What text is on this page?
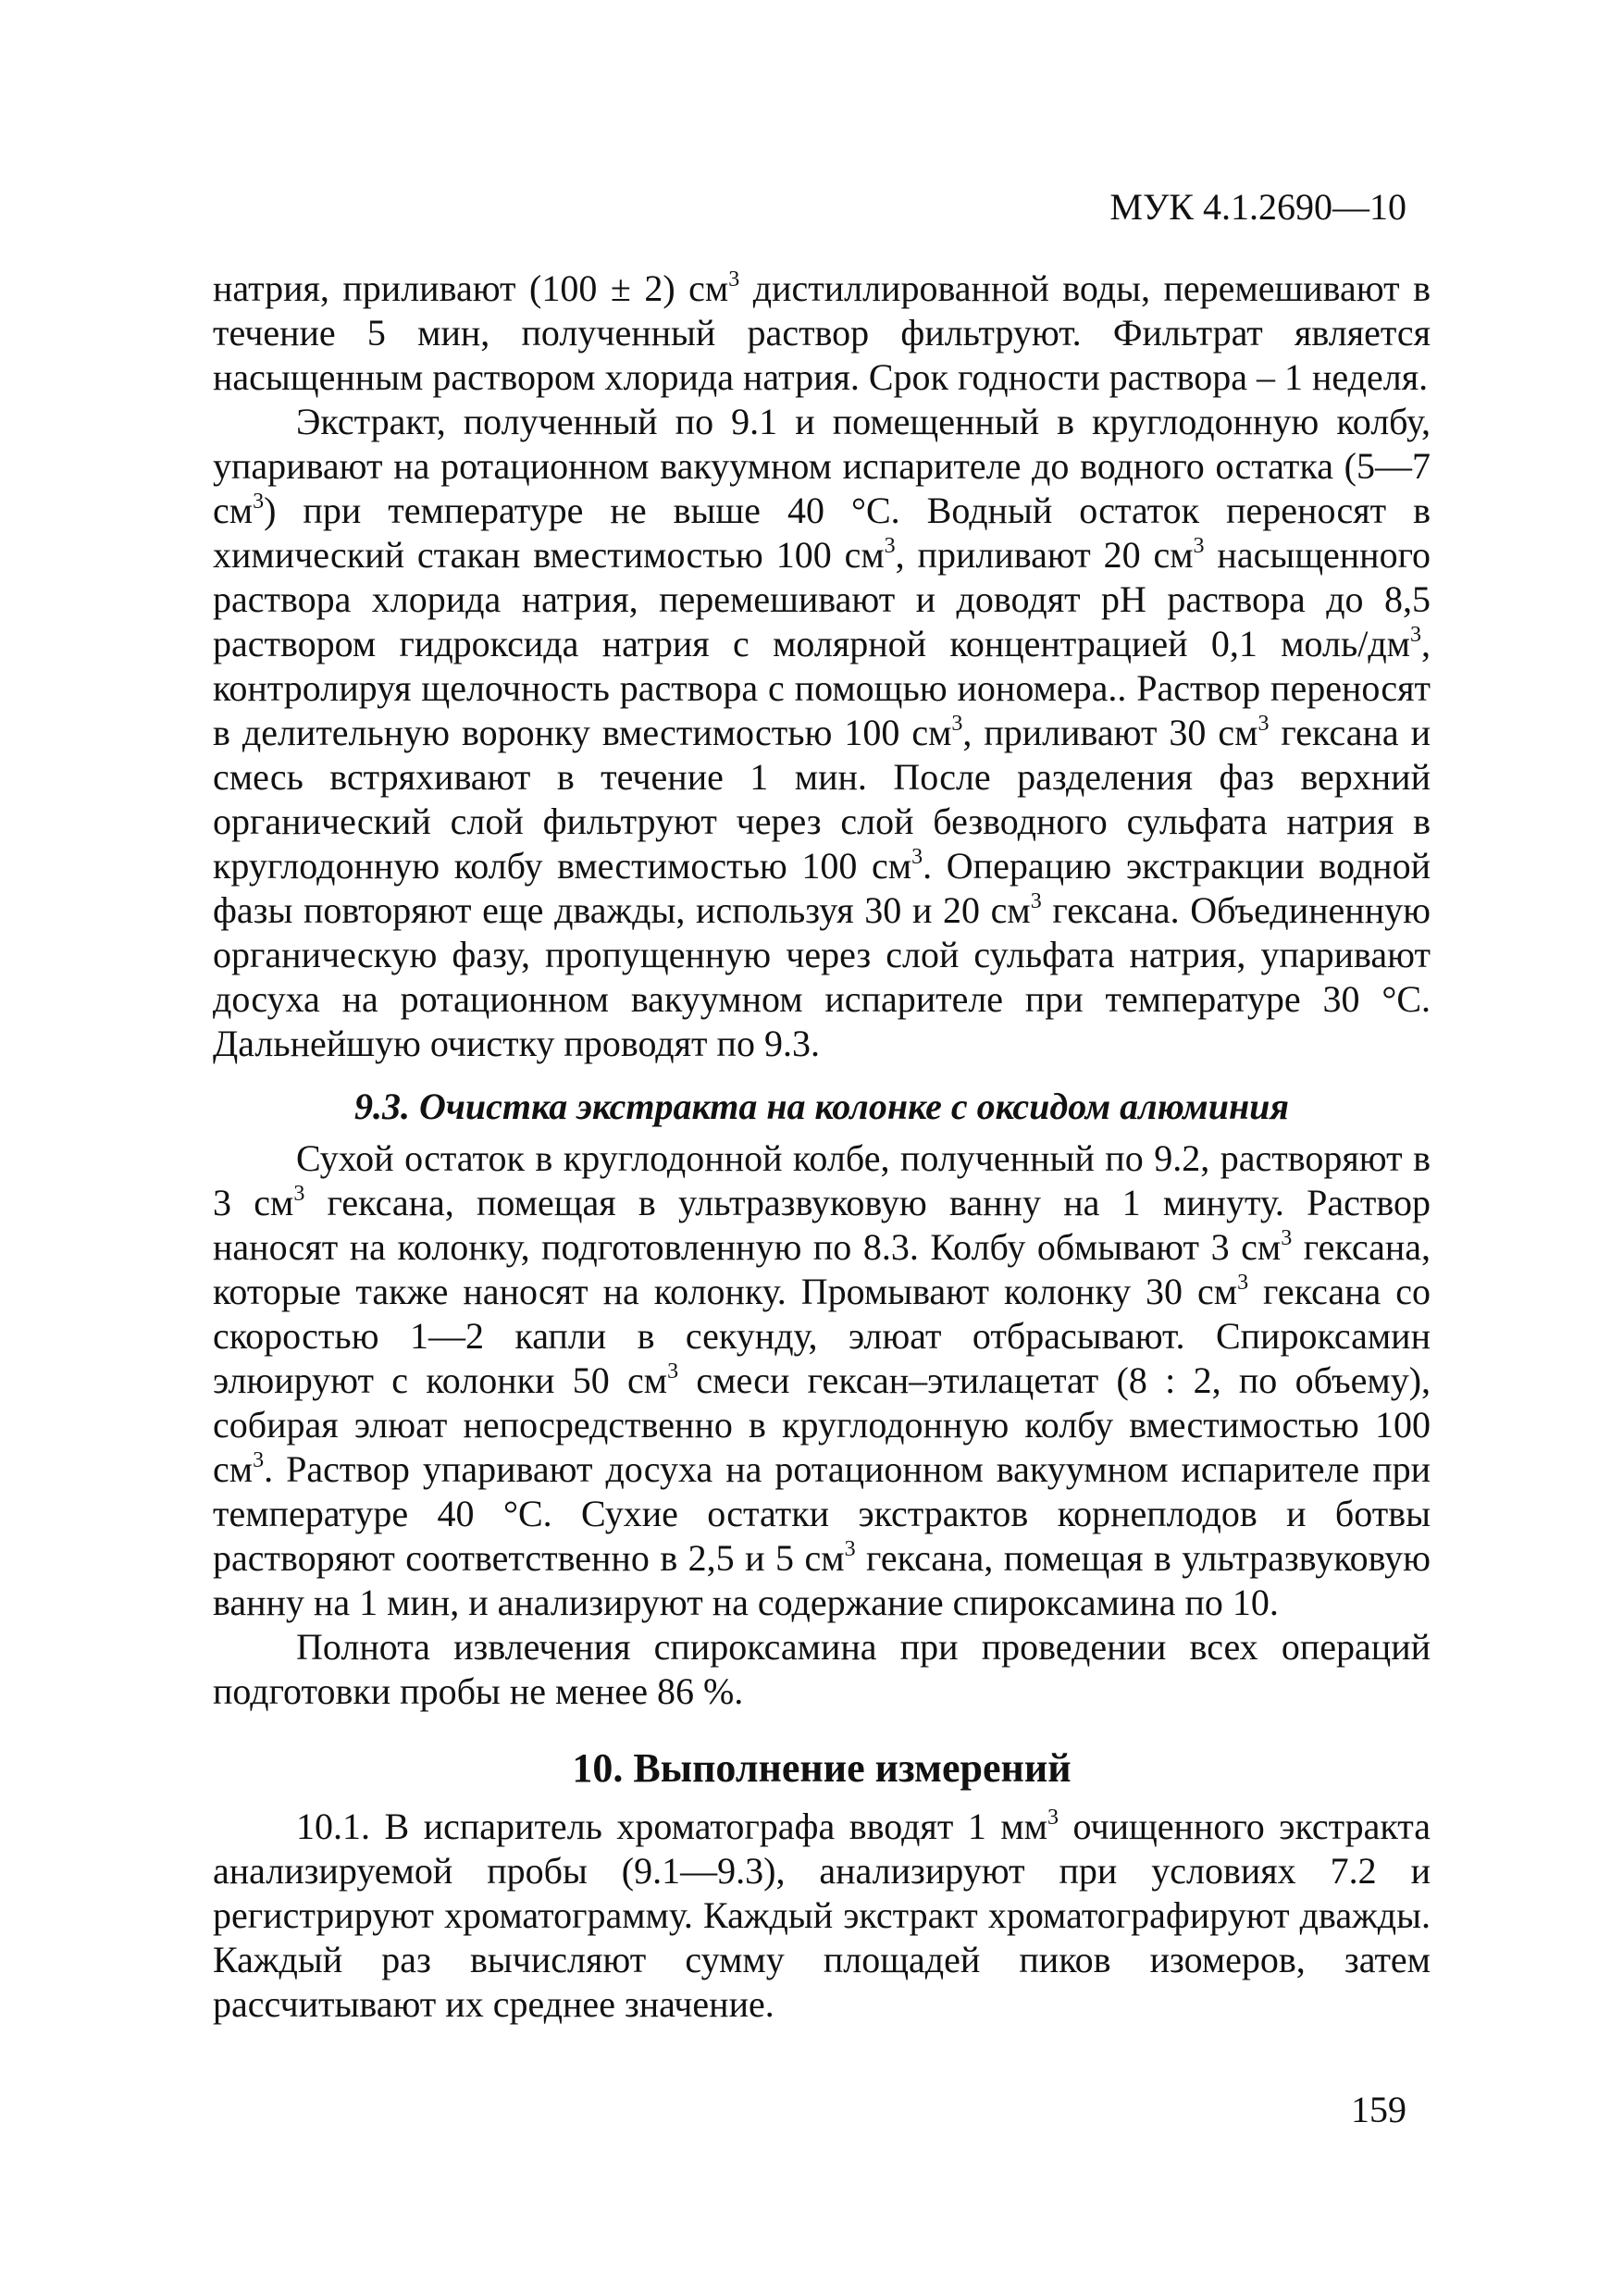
МУК 4.1.2690—10

натрия, приливают (100 ± 2) $см^3$ дистиллированной воды, перемешивают в течение 5 мин, полученный раствор фильтруют. Фильтрат является насыщенным раствором хлорида натрия. Срок годности раствора – 1 неделя.

Экстракт, полученный по 9.1 и помещенный в круглодонную колбу, упаривают на ротационном вакуумном испарителе до водного остатка (5—7 $см^3$) при температуре не выше 40 °С. Водный остаток переносят в химический стакан вместимостью 100 $см^3$, приливают 20 $см^3$ насыщенного раствора хлорида натрия, перемешивают и доводят рН раствора до 8,5 раствором гидроксида натрия с молярной концентрацией 0,1 моль/$дм^3$, контролируя щелочность раствора с помощью иономера.. Раствор переносят в делительную воронку вместимостью 100 $см^3$, приливают 30 $см^3$ гексана и смесь встряхивают в течение 1 мин. После разделения фаз верхний органический слой фильтруют через слой безводного сульфата натрия в круглодонную колбу вместимостью 100 $см^3$. Операцию экстракции водной фазы повторяют еще дважды, используя 30 и 20 $см^3$ гексана. Объединенную органическую фазу, пропущенную через слой сульфата натрия, упаривают досуха на ротационном вакуумном испарителе при температуре 30 °С. Дальнейшую очистку проводят по 9.3.

9.3. Очистка экстракта на колонке с оксидом алюминия

Сухой остаток в круглодонной колбе, полученный по 9.2, растворяют в 3 $см^3$ гексана, помещая в ультразвуковую ванну на 1 минуту. Раствор наносят на колонку, подготовленную по 8.3. Колбу обмывают 3 $см^3$ гексана, которые также наносят на колонку. Промывают колонку 30 $см^3$ гексана со скоростью 1—2 капли в секунду, элюат отбрасывают. Спироксамин элюируют с колонки 50 $см^3$ смеси гексан–этилацетат (8 : 2, по объему), собирая элюат непосредственно в круглодонную колбу вместимостью 100 $см^3$. Раствор упаривают досуха на ротационном вакуумном испарителе при температуре 40 °С. Сухие остатки экстрактов корнеплодов и ботвы растворяют соответственно в 2,5 и 5 $см^3$ гексана, помещая в ультразвуковую ванну на 1 мин, и анализируют на содержание спироксамина по 10.

Полнота извлечения спироксамина при проведении всех операций подготовки пробы не менее 86 %.

10. Выполнение измерений

10.1. В испаритель хроматографа вводят 1 $мм^3$ очищенного экстракта анализируемой пробы (9.1—9.3), анализируют при условиях 7.2 и регистрируют хроматограмму. Каждый экстракт хроматографируют дважды. Каждый раз вычисляют сумму площадей пиков изомеров, затем рассчитывают их среднее значение.

159
